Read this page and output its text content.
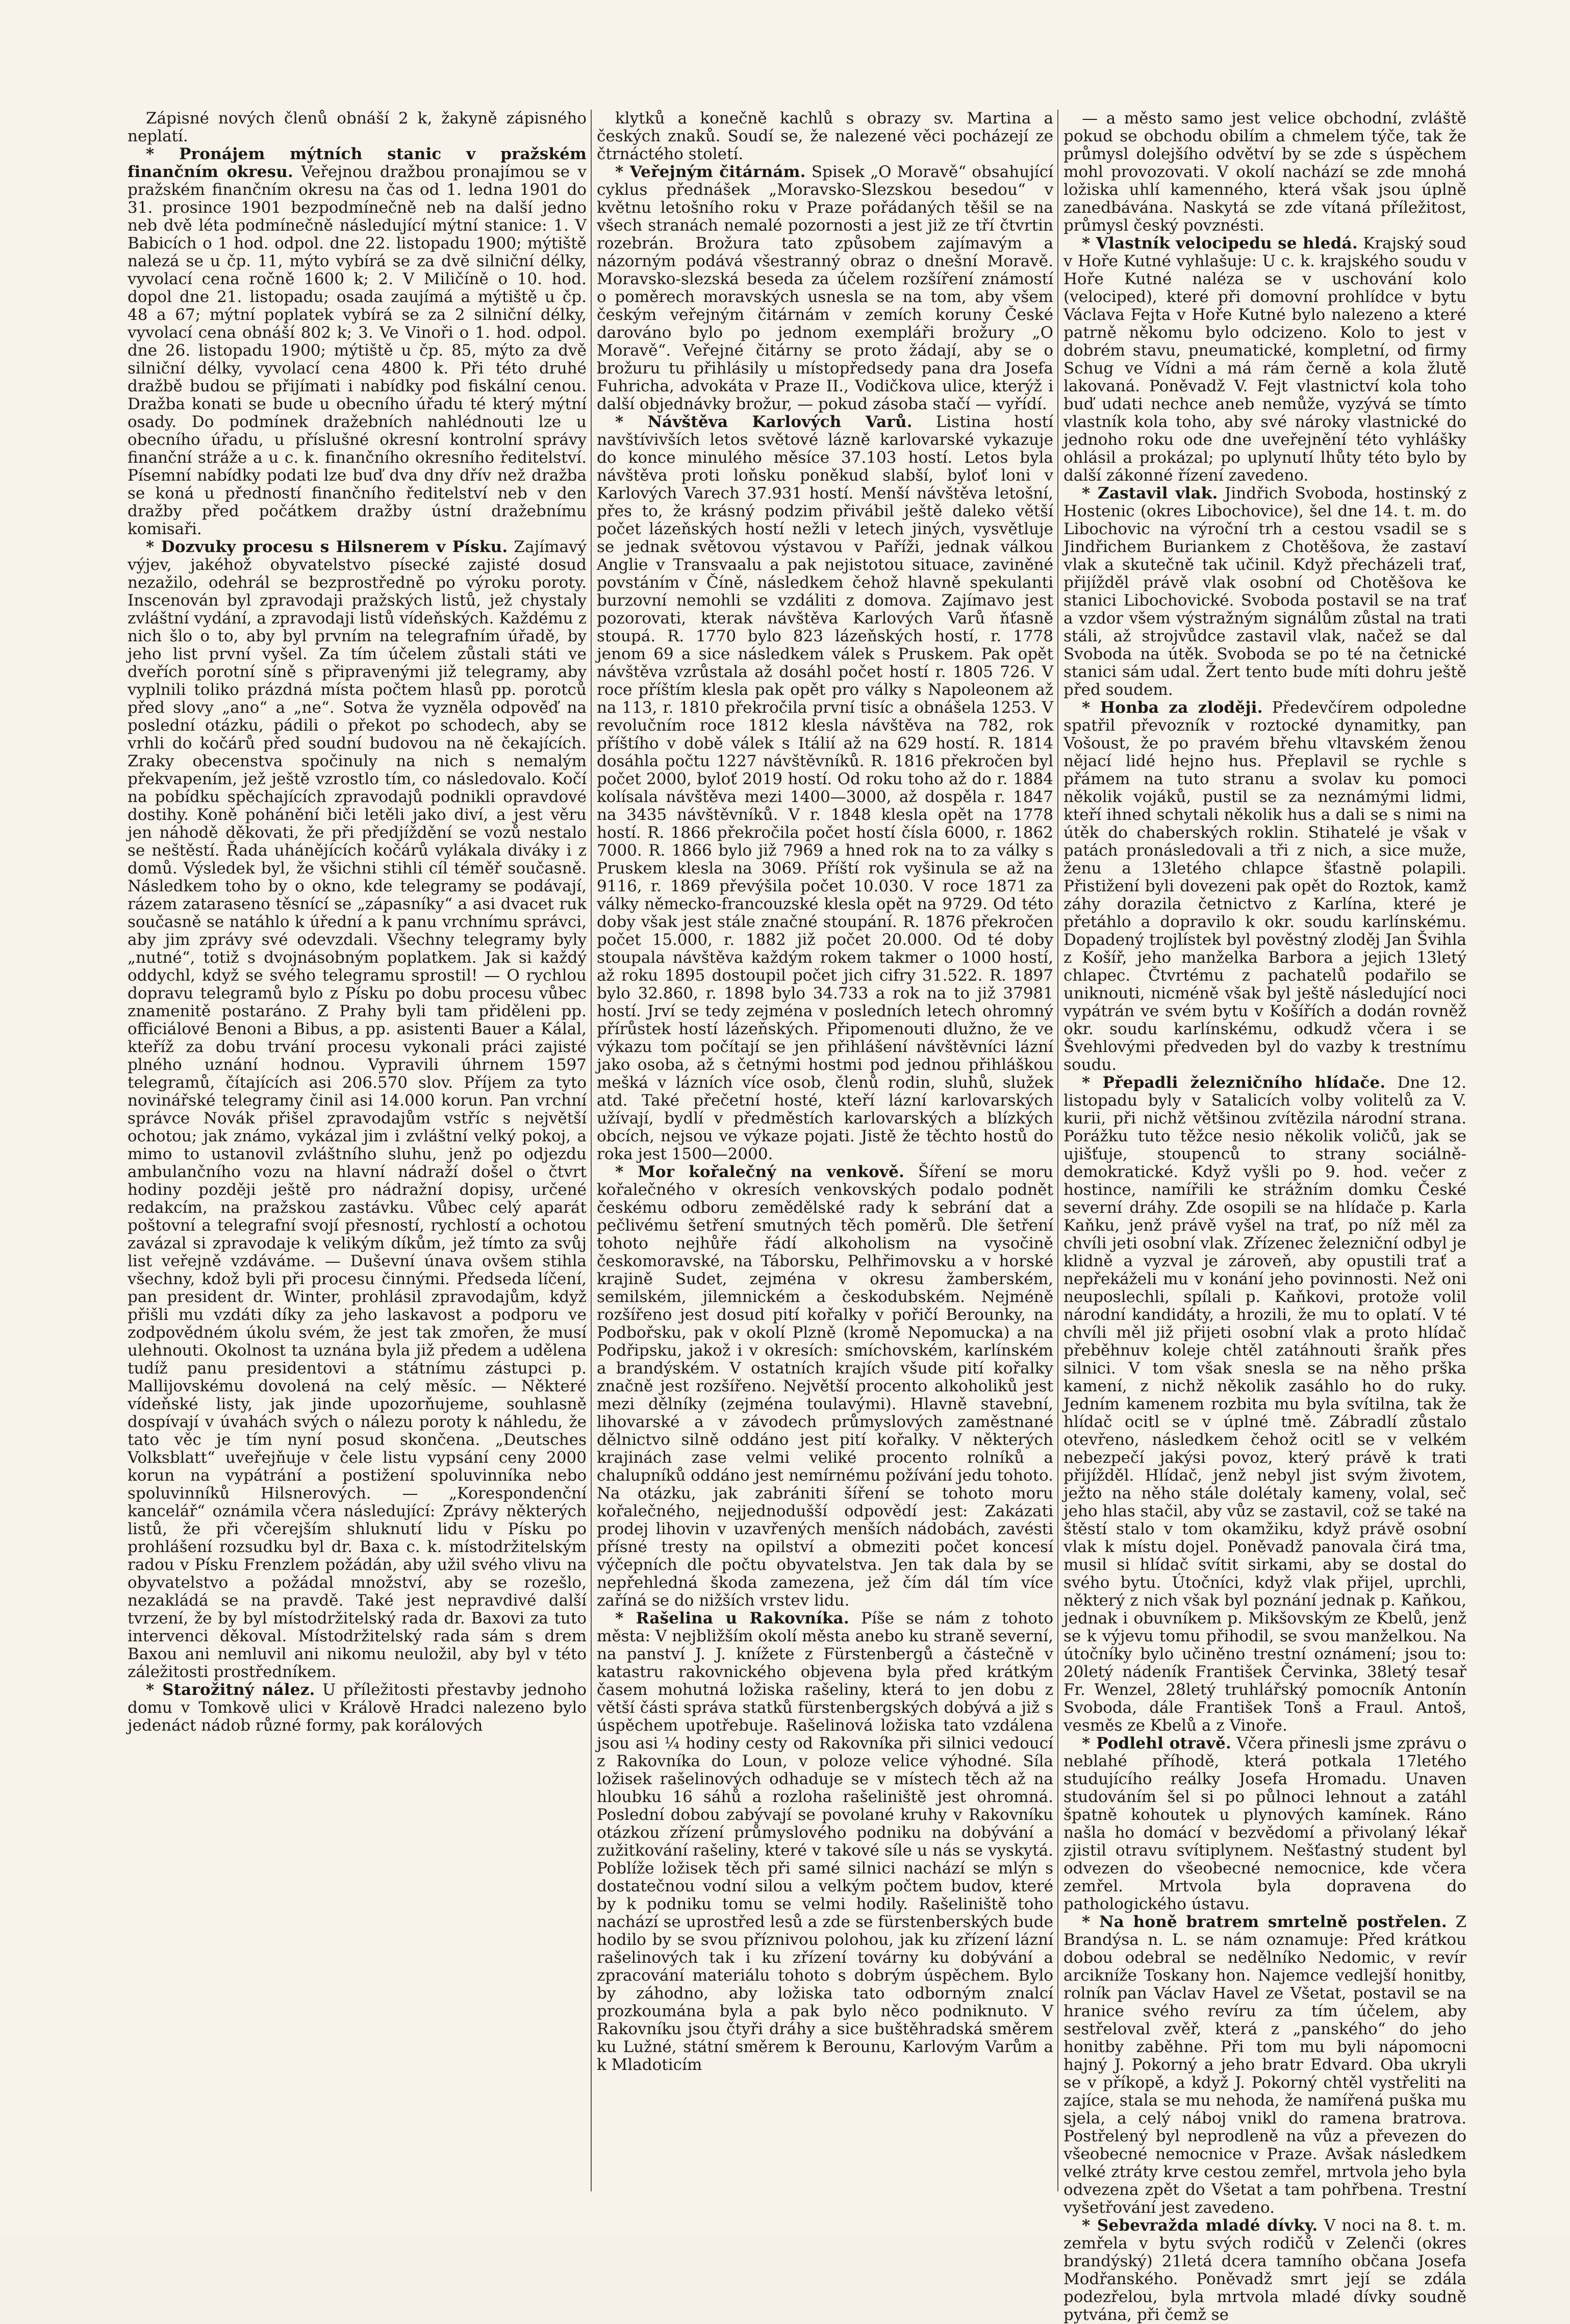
Zápisné nových členů obnáší 2 k, žakyně zápisného neplatí.

* Pronájem mýtních stanic v pražském finančním okresu. Veřejnou dražbou pronajímou se v pražském finančním okresu na čas od 1. ledna 1901 do 31. prosince 1901 bezpodmínečně neb na další jedno neb dvě léta podmínečně následující mýtní stanice: 1. V Babicích o 1 hod. odpol. dne 22. listopadu 1900; mýtiště nalezá se u čp. 11, mýto vybírá se za dvě silniční délky, vyvolací cena ročně 1600 k; 2. V Miličíně o 10. hod. dopol dne 21. listopadu; osada zaujímá a mýtiště u čp. 48 a 67; mýtní poplatek vybírá se za 2 silniční délky, vyvolací cena obnáší 802 k; 3. Ve Vinoři o 1. hod. odpol. dne 26. listopadu 1900; mýtiště u čp. 85, mýto za dvě silniční délky, vyvolací cena 4800 k. Při této druhé dražbě budou se přijímati i nabídky pod fiskální cenou. Dražba konati se bude u obecního úřadu té který mýtní osady. Do podmínek dražebních nahlédnouti lze u obecního úřadu, u příslušné okresní kontrolní správy finanční stráže a u c. k. finančního okresního ředitelství. Písemní nabídky podati lze buď dva dny dřív než dražba se koná u předností finančního ředitelství neb v den dražby před počátkem dražby ústní dražebnímu komisaři.

* Dozvuky procesu s Hilsnerem v Písku. Zajímavý výjev, jakéhož obyvatelstvo písecké zajisté dosud nezažilo, odehrál se bezprostředně po výroku poroty. Inscenován byl zpravodaji pražských listů, jež chystaly zvláštní vydání, a zpravodaji listů vídeňských. Každému z nich šlo o to, aby byl prvním na telegrafním úřadě, by jeho list první vyšel. Za tím účelem zůstali státi ve dveřích porotní síně s připravenými již telegramy, aby vyplnili toliko prázdná místa počtem hlasů pp. porotců před slovy „ano“ a „ne“. Sotva že vyzněla odpověď na poslední otázku, pádili o překot po schodech, aby se vrhli do kočárů před soudní budovou na ně čekajících. Zraky obecenstva spočinuly na nich s nemalým překvapením, jež ještě vzrostlo tím, co následovalo. Kočí na pobídku spěchajících zpravodajů podnikli opravdové dostihy. Koně pohánění biči letěli jako diví, a jest věru jen náhodě děkovati, že při předjíždění se vozů nestalo se neštěstí. Řada uhánějících kočárů vylákala diváky i z domů. Výsledek byl, že všichni stihli cíl téměř současně. Následkem toho by o okno, kde telegramy se podávají, rázem zataraseno těsnící se „zápasníky“ a asi dvacet ruk současně se natáhlo k úřední a k panu vrchnímu správci, aby jim zprávy své odevzdali. Všechny telegramy byly „nutné“, totiž s dvojnásobným poplatkem. Jak si každý oddychl, když se svého telegramu sprostil! — O rychlou dopravu telegramů bylo z Písku po dobu procesu vůbec znamenitě postaráno. Z Prahy byli tam přiděleni pp. officiálové Benoni a Bibus, a pp. asistenti Bauer a Kálal, kteříž za dobu trvání procesu vykonali práci zajisté plného uznání hodnou. Vypravili úhrnem 1597 telegramů, čítajících asi 206.570 slov. Příjem za tyto novinářské telegramy činil asi 14.000 korun. Pan vrchní správce Novák přišel zpravodajům vstříc s největší ochotou; jak známo, vykázal jim i zvláštní velký pokoj, a mimo to ustanovil zvláštního sluhu, jenž po odjezdu ambulančního vozu na hlavní nádraží došel o čtvrt hodiny později ještě pro nádražní dopisy, určené redakcím, na pražskou zastávku. Vůbec celý aparát poštovní a telegrafní svojí přesností, rychlostí a ochotou zavázal si zpravodaje k velikým díkům, jež tímto za svůj list veřejně vzdáváme. — Duševní únava ovšem stihla všechny, kdož byli při procesu činnými. Předseda líčení, pan president dr. Winter, prohlásil zpravodajům, když přišli mu vzdáti díky za jeho laskavost a podporu ve zodpovědném úkolu svém, že jest tak zmořen, že musí ulehnouti. Okolnost ta uznána byla již předem a udělena tudíž panu presidentovi a státnímu zástupci p. Mallijovskému dovolená na celý měsíc. — Některé vídeňské listy, jak jinde upozorňujeme, souhlasně dospívají v úvahách svých o nálezu poroty k náhledu, že tato věc je tím nyní posud skončena. „Deutsches Volksblatt“ uveřejňuje v čele listu vypsání ceny 2000 korun na vypátrání a postižení spoluvinníka nebo spoluvinníků Hilsnerových. — „Korespondenční kancelář“ oznámila včera následující: Zprávy některých listů, že při včerejším shluknutí lidu v Písku po prohlášení rozsudku byl dr. Baxa c. k. místodržitelským radou v Písku Frenzlem požádán, aby užil svého vlivu na obyvatelstvo a požádal množství, aby se rozešlo, nezakládá se na pravdě. Také jest nepravdivé další tvrzení, že by byl místodržitelský rada dr. Baxovi za tuto intervenci děkoval. Místodržitelský rada sám s drem Baxou ani nemluvil ani nikomu neuložil, aby byl v této záležitosti prostředníkem.

* Starožitný nález. U příležitosti přestavby jednoho domu v Tomkově ulici v Králově Hradci nalezeno bylo jedenáct nádob různé formy, pak korálových

klytků a konečně kachlů s obrazy sv. Martina a českých znaků. Soudí se, že nalezené věci pocházejí ze čtrnáctého století.

* Veřejným čitárnám. Spisek „O Moravě“ obsahující cyklus přednášek „Moravsko-Slezskou besedou“ v květnu letošního roku v Praze pořádaných těšil se na všech stranách nemalé pozornosti a jest již ze tří čtvrtin rozebrán. Brožura tato způsobem zajímavým a názorným podává všestranný obraz o dnešní Moravě. Moravsko-slezská beseda za účelem rozšíření známostí o poměrech moravských usnesla se na tom, aby všem českým veřejným čitárnám v zemích koruny České darováno bylo po jednom exempláři brožury „O Moravě“. Veřejné čitárny se proto žádají, aby se o brožuru tu přihlásily u místopředsedy pana dra Josefa Fuhricha, advokáta v Praze II., Vodičkova ulice, kterýž i další objednávky brožur, — pokud zásoba stačí — vyřídí.

* Návštěva Karlových Varů. Listina hostí navštívivších letos světové lázně karlovarské vykazuje do konce minulého měsíce 37.103 hostí. Letos byla návštěva proti loňsku poněkud slabší, byloť loni v Karlových Varech 37.931 hostí. Menší návštěva letošní, přes to, že krásný podzim přivábil ještě daleko větší počet lázeňských hostí nežli v letech jiných, vysvětluje se jednak světovou výstavou v Paříži, jednak válkou Anglie v Transvaalu a pak nejistotou situace, zaviněné povstáním v Číně, následkem čehož hlavně spekulanti burzovní nemohli se vzdáliti z domova. Zajímavo jest pozorovati, kterak návštěva Karlových Varů ňťasně stoupá. R. 1770 bylo 823 lázeňských hostí, r. 1778 jenom 69 a sice následkem válek s Pruskem. Pak opět návštěva vzrůstala až dosáhl počet hostí r. 1805 726. V roce příštím klesla pak opět pro války s Napoleonem až na 113, r. 1810 překročila první tisíc a obnášela 1253. V revolučním roce 1812 klesla návštěva na 782, rok příštího v době válek s Itálií až na 629 hostí. R. 1814 dosáhla počtu 1227 návštěvníků. R. 1816 překročen byl počet 2000, byloť 2019 hostí. Od roku toho až do r. 1884 kolísala návštěva mezi 1400—3000, až dospěla r. 1847 na 3435 návštěvníků. V r. 1848 klesla opět na 1778 hostí. R. 1866 překročila počet hostí čísla 6000, r. 1862 7000. R. 1866 bylo již 7969 a hned rok na to za války s Pruskem klesla na 3069. Příští rok vyšinula se až na 9116, r. 1869 převýšila počet 10.030. V roce 1871 za války německo-francouzské klesla opět na 9729. Od této doby však jest stále značné stoupání. R. 1876 překročen počet 15.000, r. 1882 již počet 20.000. Od té doby stoupala návštěva každým rokem takmer o 1000 hostí, až roku 1895 dostoupil počet jich cifry 31.522. R. 1897 bylo 32.860, r. 1898 bylo 34.733 a rok na to již 37981 hostí. Jrví se tedy zejména v posledních letech ohromný přírůstek hostí lázeňských. Připomenouti dlužno, že ve výkazu tom počítají se jen přihlášení návštěvníci lázní jako osoba, až s četnými hostmi pod jednou přihláškou mešká v lázních více osob, členů rodin, sluhů, služek atd. Také přečetní hosté, kteří lázní karlovarských užívají, bydlí v předměstích karlovarských a blízkých obcích, nejsou ve výkaze pojati. Jistě že těchto hostů do roka jest 1500—2000.

* Mor kořalečný na venkově. Šíření se moru kořalečného v okresích venkovských podalo podnět českému odboru zemědělské rady k sebrání dat a pečlivému šetření smutných těch poměrů. Dle šetření tohoto nejhůře řádí alkoholism na vysočině českomoravské, na Táborsku, Pelhřimovsku a v horské krajině Sudet, zejména v okresu žamberském, semilském, jilemnickém a českodubském. Nejméně rozšířeno jest dosud pití kořalky v pořičí Berounky, na Podbořsku, pak v okolí Plzně (kromě Nepomucka) a na Podřipsku, jakož i v okresích: smíchovském, karlínském a brandýském. V ostatních krajích všude pití kořalky značně jest rozšířeno. Největší procento alkoholiků jest mezi dělníky (zejména toulavými). Hlavně stavební, lihovarské a v závodech průmyslových zaměstnané dělnictvo silně oddáno jest pití kořalky. V některých krajinách zase velmi veliké procento rolníků a chalupníků oddáno jest nemírnému požívání jedu tohoto. Na otázku, jak zabrániti šíření se tohoto moru kořalečného, nejjednodušší odpovědí jest: Zakázati prodej lihovin v uzavřených menších nádobách, zavésti přísné tresty na opilství a obmeziti počet koncesí výčepních dle počtu obyvatelstva. Jen tak dala by se nepřehledná škoda zamezena, jež čím dál tím více zaříná se do nižších vrstev lidu.

* Rašelina u Rakovníka. Píše se nám z tohoto města: V nejbližším okolí města anebo ku straně severní, na panství J. J. knížete z Fürstenbergů a částečně v katastru rakovnického objevena byla před krátkým časem mohutná ložiska rašeliny, která to jen dobu z větší části správa statků fürstenbergských dobývá a již s úspěchem upotřebuje. Rašelinová ložiska tato vzdálena jsou asi ¼ hodiny cesty od Rakovníka při silnici vedoucí z Rakovníka do Loun, v poloze velice výhodné. Síla ložisek rašelinových odhaduje se v místech těch až na hloubku 16 sáhů a rozloha rašeliniště jest ohromná. Poslední dobou zabývají se povolané kruhy v Rakovníku otázkou zřízení průmyslového podniku na dobývání a zužitkování rašeliny, které v takové síle u nás se vyskytá. Poblíže ložisek těch při samé silnici nachází se mlýn s dostatečnou vodní silou a velkým počtem budov, které by k podniku tomu se velmi hodily. Rašeliniště toho nachází se uprostřed lesů a zde se fürstenberských bude hodilo by se svou příznivou polohou, jak ku zřízení lázní rašelinových tak i ku zřízení továrny ku dobývání a zpracování materiálu tohoto s dobrým úspěchem. Bylo by záhodno, aby ložiska tato odborným znalcí prozkoumána byla a pak bylo něco podniknuto. V Rakovníku jsou čtyři dráhy a sice buštěhradská směrem ku Lužné, státní směrem k Berounu, Karlovým Varům a k Mladoticím

— a město samo jest velice obchodní, zvláště pokud se obchodu obilím a chmelem týče, tak že průmysl dolejšího odvětví by se zde s úspěchem mohl provozovati. V okolí nachází se zde mnohá ložiska uhlí kamenného, která však jsou úplně zanedbávána. Naskytá se zde vítaná příležitost, průmysl český povznésti.

* Vlastník velocipedu se hledá. Krajský soud v Hoře Kutné vyhlašuje: U c. k. krajského soudu v Hoře Kutné naléza se v uschování kolo (velociped), které při domovní prohlídce v bytu Václava Fejta v Hoře Kutné bylo nalezeno a které patrně někomu bylo odcizeno. Kolo to jest v dobrém stavu, pneumatické, kompletní, od firmy Schug ve Vídni a má rám černě a kola žlutě lakovaná. Poněvadž V. Fejt vlastnictví kola toho buď udati nechce aneb nemůže, vyzývá se tímto vlastník kola toho, aby své nároky vlastnické do jednoho roku ode dne uveřejnění této vyhlášky ohlásil a prokázal; po uplynutí lhůty této bylo by další zákonné řízení zavedeno.

* Zastavil vlak. Jindřich Svoboda, hostinský z Hostenic (okres Libochovice), šel dne 14. t. m. do Libochovic na výroční trh a cestou vsadil se s Jindřichem Buriankem z Chotěšova, že zastaví vlak a skutečně tak učinil. Když přecházeli trať, přijížděl právě vlak osobní od Chotěšova ke stanici Libochovické. Svoboda postavil se na trať a vzdor všem výstražným signálům zůstal na trati stáli, až strojvůdce zastavil vlak, načež se dal Svoboda na útěk. Svoboda se po té na četnické stanici sám udal. Žert tento bude míti dohru ještě před soudem.

* Honba za zloději. Předevčírem odpoledne spatřil převozník v roztocké dynamitky, pan Vošoust, že po pravém břehu vltavském ženou nějací lidé hejno hus. Přeplavil se rychle s přámem na tuto stranu a svolav ku pomoci několik vojáků, pustil se za neznámými lidmi, kteří ihned schytali několik hus a dali se s nimi na útěk do chaberských roklin. Stihatelé je však v patách pronásledovali a tři z nich, a sice muže, ženu a 13letého chlapce šťastně polapili. Přistižení byli dovezeni pak opět do Roztok, kamž záhy dorazila četnictvo z Karlína, které je přetáhlo a dopravilo k okr. soudu karlínskému. Dopadený trojlístek byl pověstný zloděj Jan Švihla z Košíř, jeho manželka Barbora a jejich 13letý chlapec. Čtvrtému z pachatelů podařilo se uniknouti, nicméně však byl ještě následující noci vypátrán ve svém bytu v Košířích a dodán rovněž okr. soudu karlínskému, odkudž včera i se Švehlovými předveden byl do vazby k trestnímu soudu.

* Přepadli železničního hlídače. Dne 12. listopadu byly v Satalicích volby volitelů za V. kurii, při nichž většinou zvítězila národní strana. Porážku tuto těžce nesio několik voličů, jak se ujišťuje, stoupenců to strany sociálně-demokratické. Když vyšli po 9. hod. večer z hostince, namířili ke strážním domku České severní dráhy. Zde osopili se na hlídače p. Karla Kaňku, jenž právě vyšel na trať, po níž měl za chvíli jeti osobní vlak. Zřízenec železniční odbyl je klidně a vyzval je zároveň, aby opustili trať a nepřekáželi mu v konání jeho povinnosti. Než oni neuposlechli, spílali p. Kaňkovi, protože volil národní kandidáty, a hrozili, že mu to oplatí. V té chvíli měl již přijeti osobní vlak a proto hlídač přeběhnuv koleje chtěl zatáhnouti šraňk přes silnici. V tom však snesla se na něho prška kamení, z nichž několik zasáhlo ho do ruky. Jedním kamenem rozbita mu byla svítilna, tak že hlídač ocitl se v úplné tmě. Zábradlí zůstalo otevřeno, následkem čehož ocitl se v velkém nebezpečí jakýsi povoz, který právě k trati přijížděl. Hlídač, jenž nebyl jist svým životem, ježto na něho stále dolétaly kameny, volal, seč jeho hlas stačil, aby vůz se zastavil, což se také na štěstí stalo v tom okamžiku, když právě osobní vlak k místu dojel. Poněvadž panovala čirá tma, musil si hlídač svítit sirkami, aby se dostal do svého bytu. Útočníci, když vlak přijel, uprchli, některý z nich však byl poznání jednak p. Kaňkou, jednak i obuvníkem p. Mikšovským ze Kbelů, jenž se k výjevu tomu přihodil, se svou manželkou. Na útočníky bylo učiněno trestní oznámení; jsou to: 20letý nádeník František Červinka, 38letý tesař Fr. Wenzel, 28letý truhlářský pomocník Antonín Svoboda, dále František Tonš a Fraul. Antoš, vesměs ze Kbelů a z Vinoře.

* Podlehl otravě. Včera přinesli jsme zprávu o neblahé příhodě, která potkala 17letého studujícího reálky Josefa Hromadu. Unaven studováním šel si po půlnoci lehnout a zatáhl špatně kohoutek u plynových kamínek. Ráno našla ho domácí v bezvědomí a přivolaný lékař zjistil otravu svítiplynem. Nešťastný student byl odvezen do všeobecné nemocnice, kde včera zemřel. Mrtvola byla dopravena do pathologického ústavu.

* Na honě bratrem smrtelně postřelen. Z Brandýsa n. L. se nám oznamuje: Před krátkou dobou odebral se nedělníko Nedomic, v revír arcikníže Toskany hon. Najemce vedlejší honitby, rolník pan Václav Havel ze Všetat, postavil se na hranice svého revíru za tím účelem, aby sestřeloval zvěř, která z „panského“ do jeho honitby zaběhne. Při tom mu byli nápomocni hajný J. Pokorný a jeho bratr Edvard. Oba ukryli se v příkopě, a když J. Pokorný chtěl vystřeliti na zajíce, stala se mu nehoda, že namířená puška mu sjela, a celý náboj vnikl do ramena bratrova. Postřelený byl neprodleně na vůz a převezen do všeobecné nemocnice v Praze. Avšak následkem velké ztráty krve cestou zemřel, mrtvola jeho byla odvezena zpět do Všetat a tam pohřbena. Trestní vyšetřování jest zavedeno.

* Sebevražda mladé dívky. V noci na 8. t. m. zemřela v bytu svých rodičů v Zelenči (okres brandýský) 21letá dcera tamního občana Josefa Modřanského. Poněvadž smrt její se zdála podezřelou, byla mrtvola mladé dívky soudně pytvána, při čemž se
